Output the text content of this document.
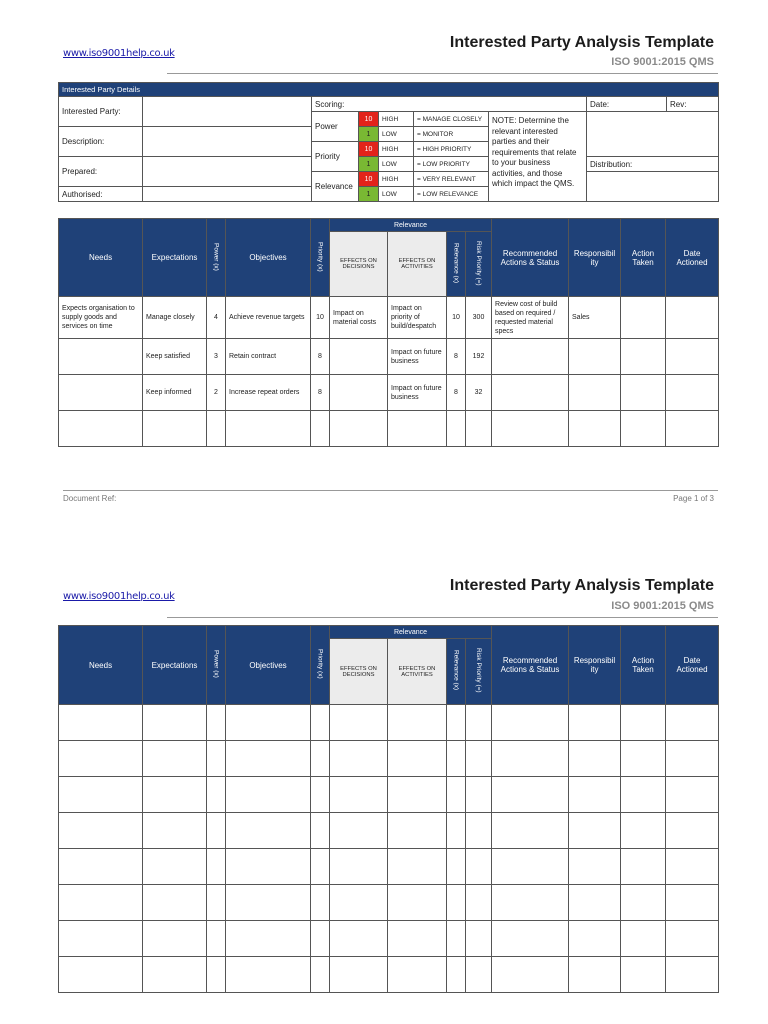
www.iso9001help.co.uk
Interested Party Analysis Template
ISO 9001:2015 QMS
Interested Party Details								
Interested Party:		Scoring:					Date:	Rev:
		Power	10	HIGH	= MANAGE CLOSELY	NOTE: Determine the relevant interested parties and their requirements that relate to your business activities, and those which impact the QMS.		
Description:			1	LOW	= MONITOR			
		Priority	10	HIGH	= HIGH PRIORITY			
Prepared:			1	LOW	= LOW PRIORITY		Distribution:	
		Relevance	10	HIGH	= VERY RELEVANT			
Authorised:			1	LOW	= LOW RELEVANCE			
Needs	Expectations	Power (x)	Objectives	Priority (x)	Relevance				Recommended Actions & Status	Responsibil ity	Action Taken	Date Actioned
					EFFECTS ON DECISIONS	EFFECTS ON ACTIVITIES	Relevance (x)	Risk Priority (=)				
Expects organisation to supply goods and services on time	Manage closely	4	Achieve revenue targets	10	Impact on material costs	Impact on priority of build/despatch	10	300	Review cost of build based on required / requested material specs	Sales		
	Keep satisfied	3	Retain contract	8		Impact on future business	8	192				
	Keep informed	2	Increase repeat orders	8		Impact on future business	8	32				

Document Ref:	Page 1 of 3
www.iso9001help.co.uk
Interested Party Analysis Template
ISO 9001:2015 QMS
Needs	Expectations	Power (x)	Objectives	Priority (x)	Relevance				Recommended Actions & Status	Responsibil ity	Action Taken	Date Actioned
					EFFECTS ON DECISIONS	EFFECTS ON ACTIVITIES	Relevance (x)	Risk Priority (=)				
